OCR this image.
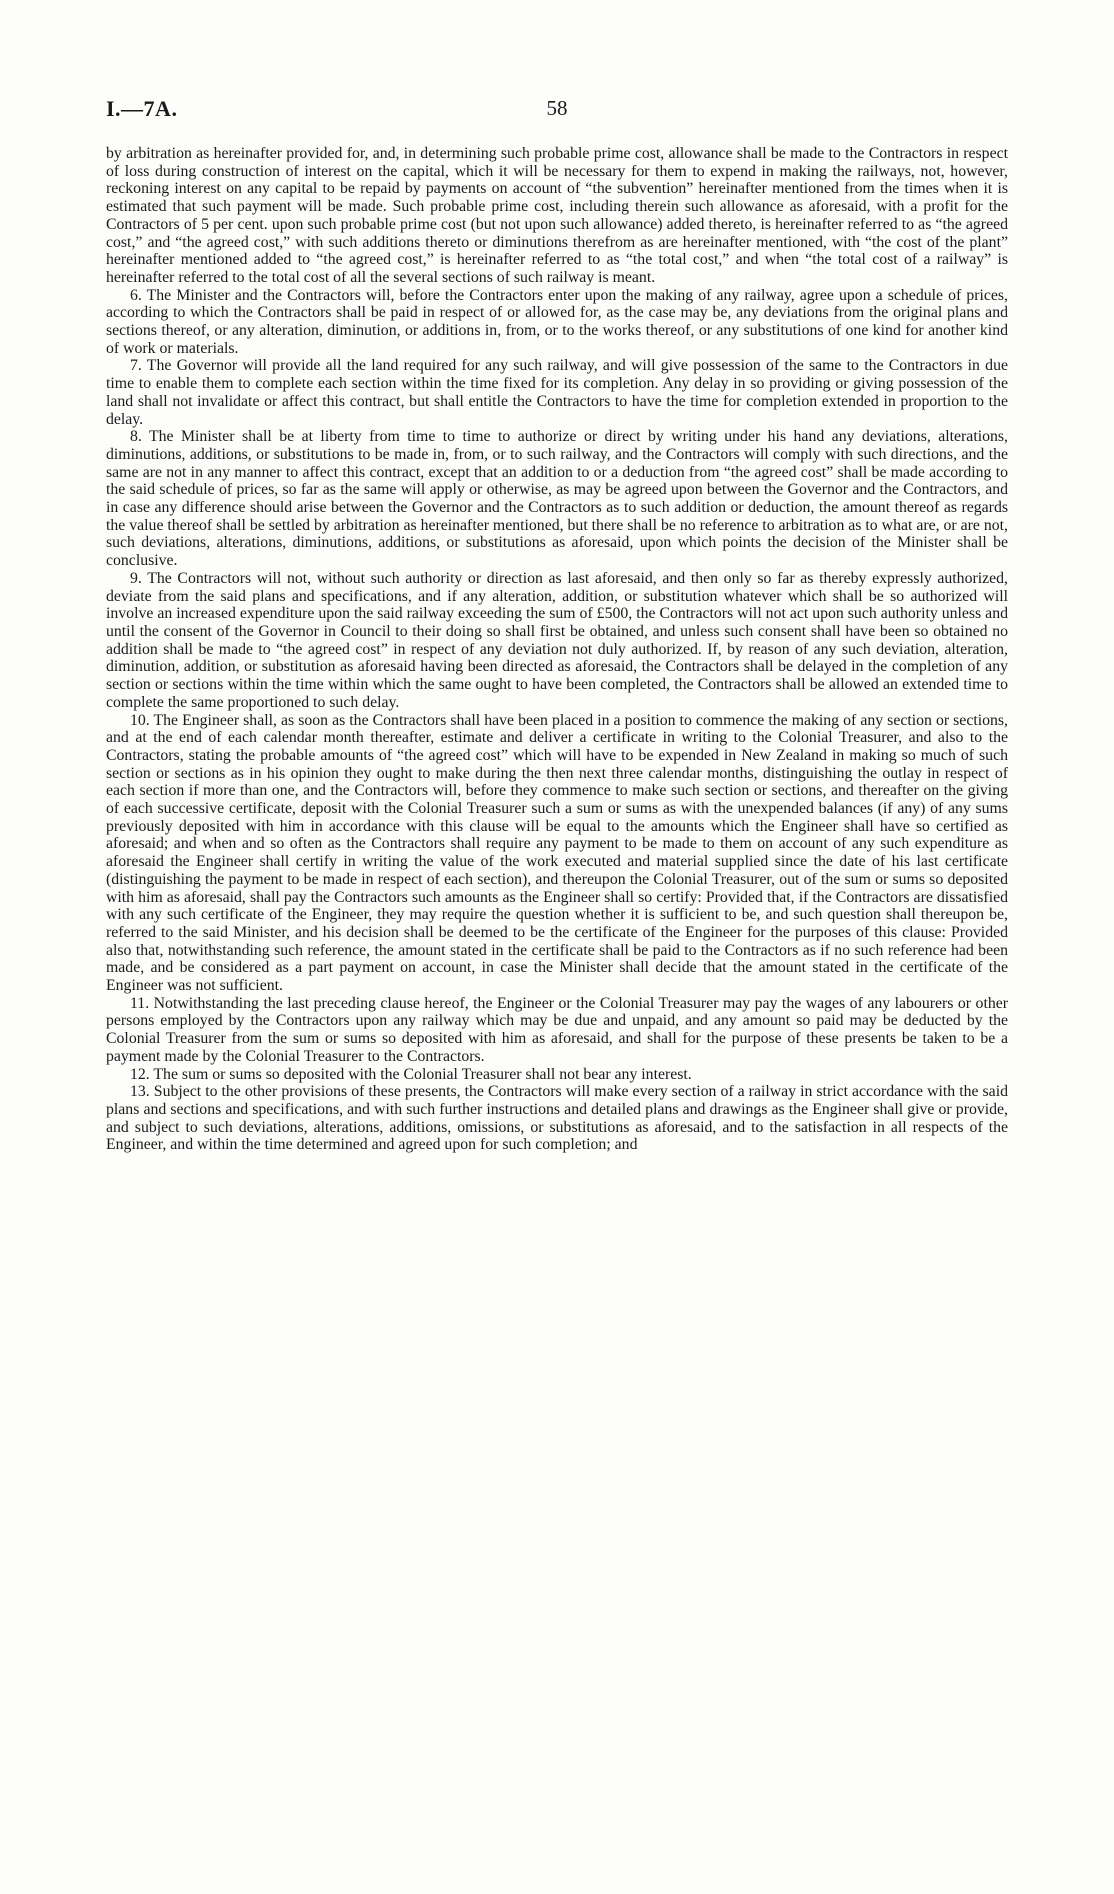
I.—7A.	58

by arbitration as hereinafter provided for, and, in determining such probable prime cost, allowance shall be made to the Contractors in respect of loss during construction of interest on the capital, which it will be necessary for them to expend in making the railways, not, however, reckoning interest on any capital to be repaid by payments on account of “the subvention” hereinafter mentioned from the times when it is estimated that such payment will be made. Such probable prime cost, including therein such allowance as aforesaid, with a profit for the Contractors of 5 per cent. upon such probable prime cost (but not upon such allowance) added thereto, is hereinafter referred to as “the agreed cost,” and “the agreed cost,” with such additions thereto or diminutions therefrom as are hereinafter mentioned, with “the cost of the plant” hereinafter mentioned added to “the agreed cost,” is hereinafter referred to as “the total cost,” and when “the total cost of a railway” is hereinafter referred to the total cost of all the several sections of such railway is meant.

6. The Minister and the Contractors will, before the Contractors enter upon the making of any railway, agree upon a schedule of prices, according to which the Contractors shall be paid in respect of or allowed for, as the case may be, any deviations from the original plans and sections thereof, or any alteration, diminution, or additions in, from, or to the works thereof, or any substitutions of one kind for another kind of work or materials.

7. The Governor will provide all the land required for any such railway, and will give possession of the same to the Contractors in due time to enable them to complete each section within the time fixed for its completion. Any delay in so providing or giving possession of the land shall not invalidate or affect this contract, but shall entitle the Contractors to have the time for completion extended in proportion to the delay.

8. The Minister shall be at liberty from time to time to authorize or direct by writing under his hand any deviations, alterations, diminutions, additions, or substitutions to be made in, from, or to such railway, and the Contractors will comply with such directions, and the same are not in any manner to affect this contract, except that an addition to or a deduction from “the agreed cost” shall be made according to the said schedule of prices, so far as the same will apply or otherwise, as may be agreed upon between the Governor and the Contractors, and in case any difference should arise between the Governor and the Contractors as to such addition or deduction, the amount thereof as regards the value thereof shall be settled by arbitration as hereinafter mentioned, but there shall be no reference to arbitration as to what are, or are not, such deviations, alterations, diminutions, additions, or substitutions as aforesaid, upon which points the decision of the Minister shall be conclusive.

9. The Contractors will not, without such authority or direction as last aforesaid, and then only so far as thereby expressly authorized, deviate from the said plans and specifications, and if any alteration, addition, or substitution whatever which shall be so authorized will involve an increased expenditure upon the said railway exceeding the sum of £500, the Contractors will not act upon such authority unless and until the consent of the Governor in Council to their doing so shall first be obtained, and unless such consent shall have been so obtained no addition shall be made to “the agreed cost” in respect of any deviation not duly authorized. If, by reason of any such deviation, alteration, diminution, addition, or substitution as aforesaid having been directed as aforesaid, the Contractors shall be delayed in the completion of any section or sections within the time within which the same ought to have been completed, the Contractors shall be allowed an extended time to complete the same proportioned to such delay.

10. The Engineer shall, as soon as the Contractors shall have been placed in a position to commence the making of any section or sections, and at the end of each calendar month thereafter, estimate and deliver a certificate in writing to the Colonial Treasurer, and also to the Contractors, stating the probable amounts of “the agreed cost” which will have to be expended in New Zealand in making so much of such section or sections as in his opinion they ought to make during the then next three calendar months, distinguishing the outlay in respect of each section if more than one, and the Contractors will, before they commence to make such section or sections, and thereafter on the giving of each successive certificate, deposit with the Colonial Treasurer such a sum or sums as with the unexpended balances (if any) of any sums previously deposited with him in accordance with this clause will be equal to the amounts which the Engineer shall have so certified as aforesaid; and when and so often as the Contractors shall require any payment to be made to them on account of any such expenditure as aforesaid the Engineer shall certify in writing the value of the work executed and material supplied since the date of his last certificate (distinguishing the payment to be made in respect of each section), and thereupon the Colonial Treasurer, out of the sum or sums so deposited with him as aforesaid, shall pay the Contractors such amounts as the Engineer shall so certify: Provided that, if the Contractors are dissatisfied with any such certificate of the Engineer, they may require the question whether it is sufficient to be, and such question shall thereupon be, referred to the said Minister, and his decision shall be deemed to be the certificate of the Engineer for the purposes of this clause: Provided also that, notwithstanding such reference, the amount stated in the certificate shall be paid to the Contractors as if no such reference had been made, and be considered as a part payment on account, in case the Minister shall decide that the amount stated in the certificate of the Engineer was not sufficient.

11. Notwithstanding the last preceding clause hereof, the Engineer or the Colonial Treasurer may pay the wages of any labourers or other persons employed by the Contractors upon any railway which may be due and unpaid, and any amount so paid may be deducted by the Colonial Treasurer from the sum or sums so deposited with him as aforesaid, and shall for the purpose of these presents be taken to be a payment made by the Colonial Treasurer to the Contractors.

12. The sum or sums so deposited with the Colonial Treasurer shall not bear any interest.

13. Subject to the other provisions of these presents, the Contractors will make every section of a railway in strict accordance with the said plans and sections and specifications, and with such further instructions and detailed plans and drawings as the Engineer shall give or provide, and subject to such deviations, alterations, additions, omissions, or substitutions as aforesaid, and to the satisfaction in all respects of the Engineer, and within the time determined and agreed upon for such completion; and
